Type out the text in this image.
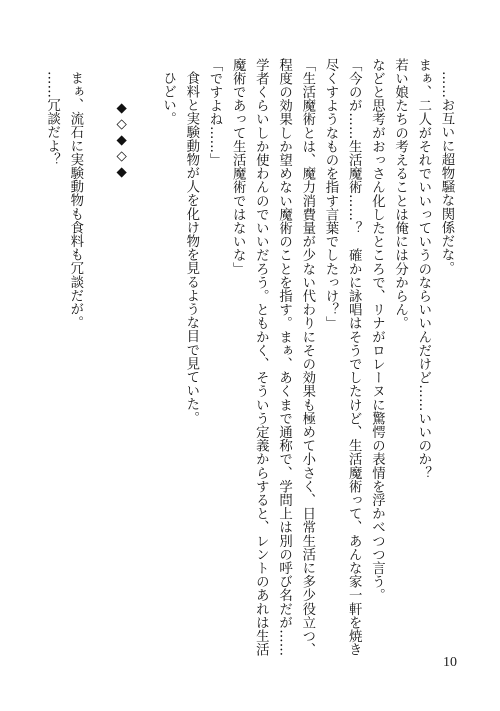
……お互いに超物騒な関係だな。
まぁ、二人がそれでいいっていうのならいいんだけど……いいのか？
若い娘たちの考えることは俺には分からん。
などと思考がおっさん化したところで、リナがロレーヌに驚愕の表情を浮かべつつ言う。
「今のが……生活魔術……？　確かに詠唱はそうでしたけど、生活魔術って、あんな家一軒を焼き
尽くすようなものを指す言葉でしたっけ？」
「生活魔術とは、魔力消費量が少ない代わりにその効果も極めて小さく、日常生活に多少役立つ、
程度の効果しか望めない魔術のことを指す。まぁ、あくまで通称で、学問上は別の呼び名だが……
学者くらいしか使わんのでいいだろう。ともかく、そういう定義からすると、レントのあれは生活
魔術であって生活魔術ではないな」
「ですよね……」
食料と実験動物が人を化け物を見るような目で見ていた。
ひどい。
◆◇◆◇◆
まぁ、流石に実験動物も食料も冗談だが。
……冗談だよ？
10
